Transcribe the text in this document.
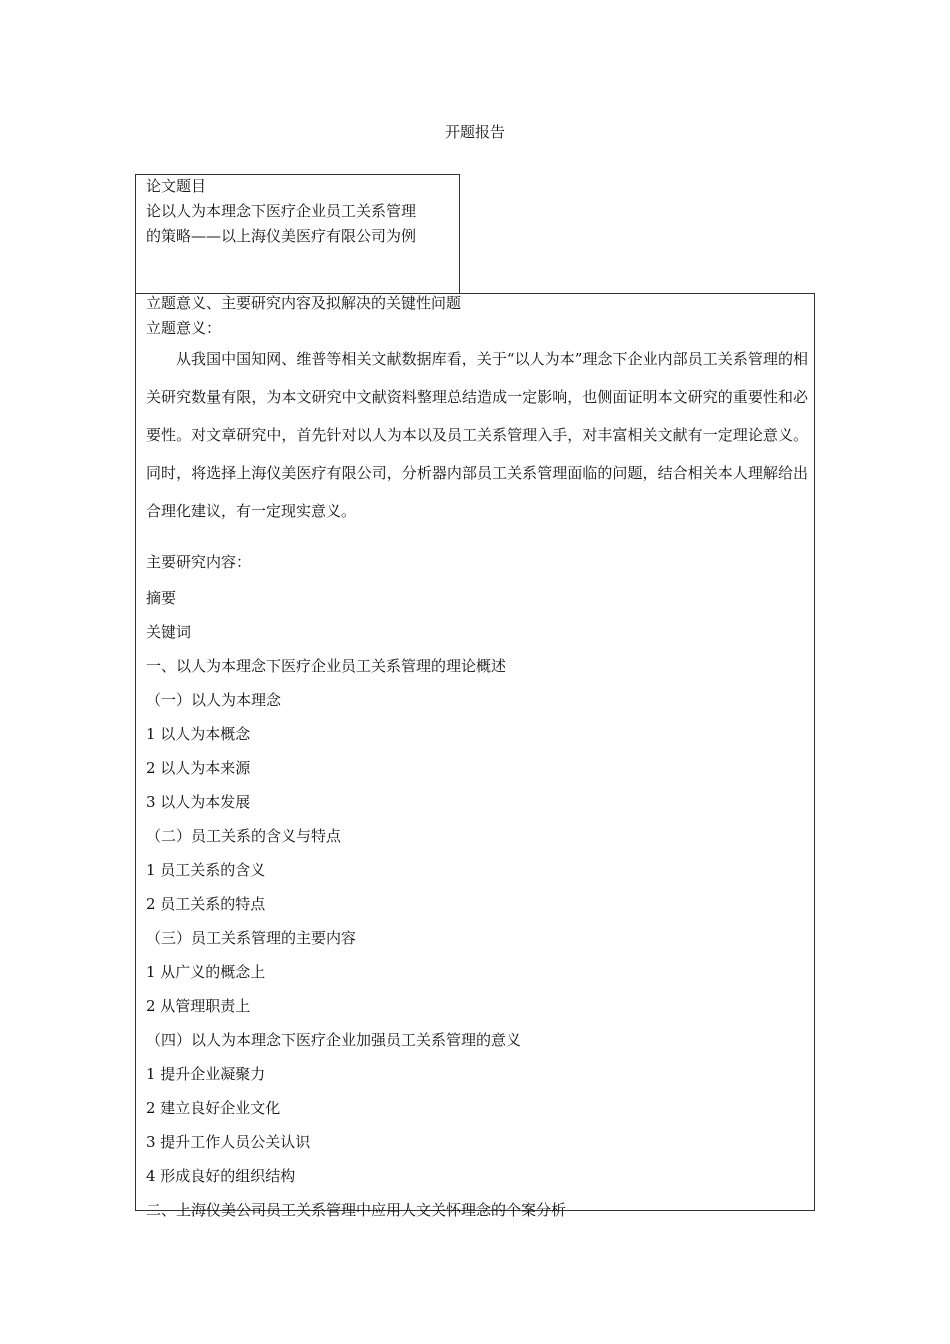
开题报告
论文题目
论以人为本理念下医疗企业员工关系管理
的策略——以上海仪美医疗有限公司为例
立题意义、主要研究内容及拟解决的关键性问题
立题意义：

从我国中国知网、维普等相关文献数据库看，关于“以人为本”理念下企业内部员工关系管理的相关研究数量有限，为本文研究中文献资料整理总结造成一定影响，也侧面证明本文研究的重要性和必要性。对文章研究中，首先针对以人为本以及员工关系管理入手，对丰富相关文献有一定理论意义。同时，将选择上海仪美医疗有限公司，分析器内部员工关系管理面临的问题，结合相关本人理解给出合理化建议，有一定现实意义。

主要研究内容：
摘要
关键词
一、以人为本理念下医疗企业员工关系管理的理论概述
（一）以人为本理念
1 以人为本概念
2 以人为本来源
3 以人为本发展
（二）员工关系的含义与特点
1 员工关系的含义
2 员工关系的特点
（三）员工关系管理的主要内容
1 从广义的概念上
2 从管理职责上
（四）以人为本理念下医疗企业加强员工关系管理的意义
1 提升企业凝聚力
2 建立良好企业文化
3 提升工作人员公关认识
4 形成良好的组织结构
二、上海仪美公司员工关系管理中应用人文关怀理念的个案分析
